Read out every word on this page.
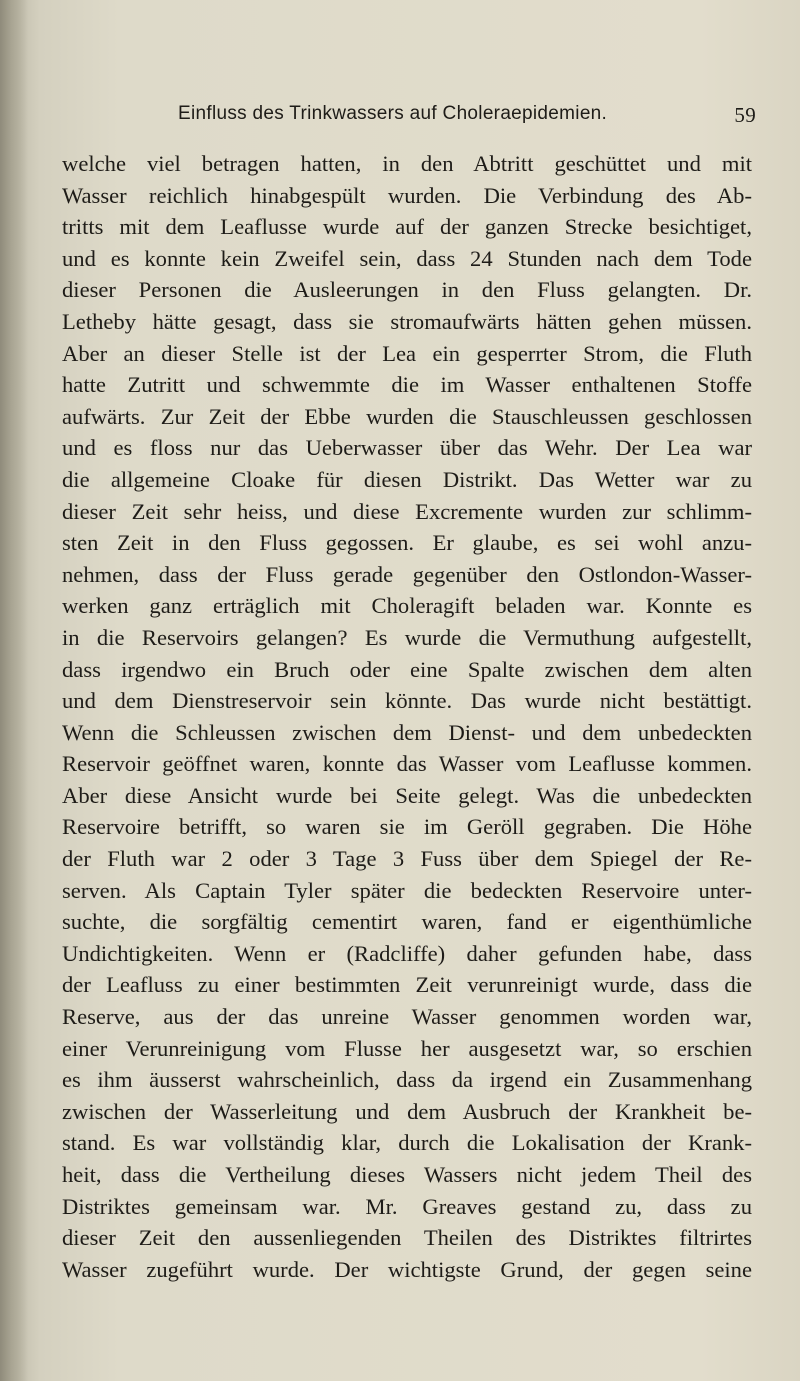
Einfluss des Trinkwassers auf Choleraepidemien.	59
welche viel betragen hatten, in den Abtritt geschüttet und mit
Wasser reichlich hinabgespült wurden. Die Verbindung des Ab-
tritts mit dem Leaflusse wurde auf der ganzen Strecke besichtiget,
und es konnte kein Zweifel sein, dass 24 Stunden nach dem Tode
dieser Personen die Ausleerungen in den Fluss gelangten. Dr.
Letheby hätte gesagt, dass sie stromaufwärts hätten gehen müssen.
Aber an dieser Stelle ist der Lea ein gesperrter Strom, die Fluth
hatte Zutritt und schwemmte die im Wasser enthaltenen Stoffe
aufwärts. Zur Zeit der Ebbe wurden die Stauschleussen geschlossen
und es floss nur das Ueberwasser über das Wehr. Der Lea war
die allgemeine Cloake für diesen Distrikt. Das Wetter war zu
dieser Zeit sehr heiss, und diese Excremente wurden zur schlimm-
sten Zeit in den Fluss gegossen. Er glaube, es sei wohl anzu-
nehmen, dass der Fluss gerade gegenüber den Ostlondon-Wasser-
werken ganz erträglich mit Choleragift beladen war. Konnte es
in die Reservoirs gelangen? Es wurde die Vermuthung aufgestellt,
dass irgendwo ein Bruch oder eine Spalte zwischen dem alten
und dem Dienstreservoir sein könnte. Das wurde nicht bestättigt.
Wenn die Schleussen zwischen dem Dienst- und dem unbedeckten
Reservoir geöffnet waren, konnte das Wasser vom Leaflusse kommen.
Aber diese Ansicht wurde bei Seite gelegt. Was die unbedeckten
Reservoire betrifft, so waren sie im Geröll gegraben. Die Höhe
der Fluth war 2 oder 3 Tage 3 Fuss über dem Spiegel der Re-
serven. Als Captain Tyler später die bedeckten Reservoire unter-
suchte, die sorgfältig cementirt waren, fand er eigenthümliche
Undichtigkeiten. Wenn er (Radcliffe) daher gefunden habe, dass
der Leafluss zu einer bestimmten Zeit verunreinigt wurde, dass die
Reserve, aus der das unreine Wasser genommen worden war,
einer Verunreinigung vom Flusse her ausgesetzt war, so erschien
es ihm äusserst wahrscheinlich, dass da irgend ein Zusammenhang
zwischen der Wasserleitung und dem Ausbruch der Krankheit be-
stand. Es war vollständig klar, durch die Lokalisation der Krank-
heit, dass die Vertheilung dieses Wassers nicht jedem Theil des
Distriktes gemeinsam war. Mr. Greaves gestand zu, dass zu
dieser Zeit den aussenliegenden Theilen des Distriktes filtrirtes
Wasser zugeführt wurde. Der wichtigste Grund, der gegen seine
